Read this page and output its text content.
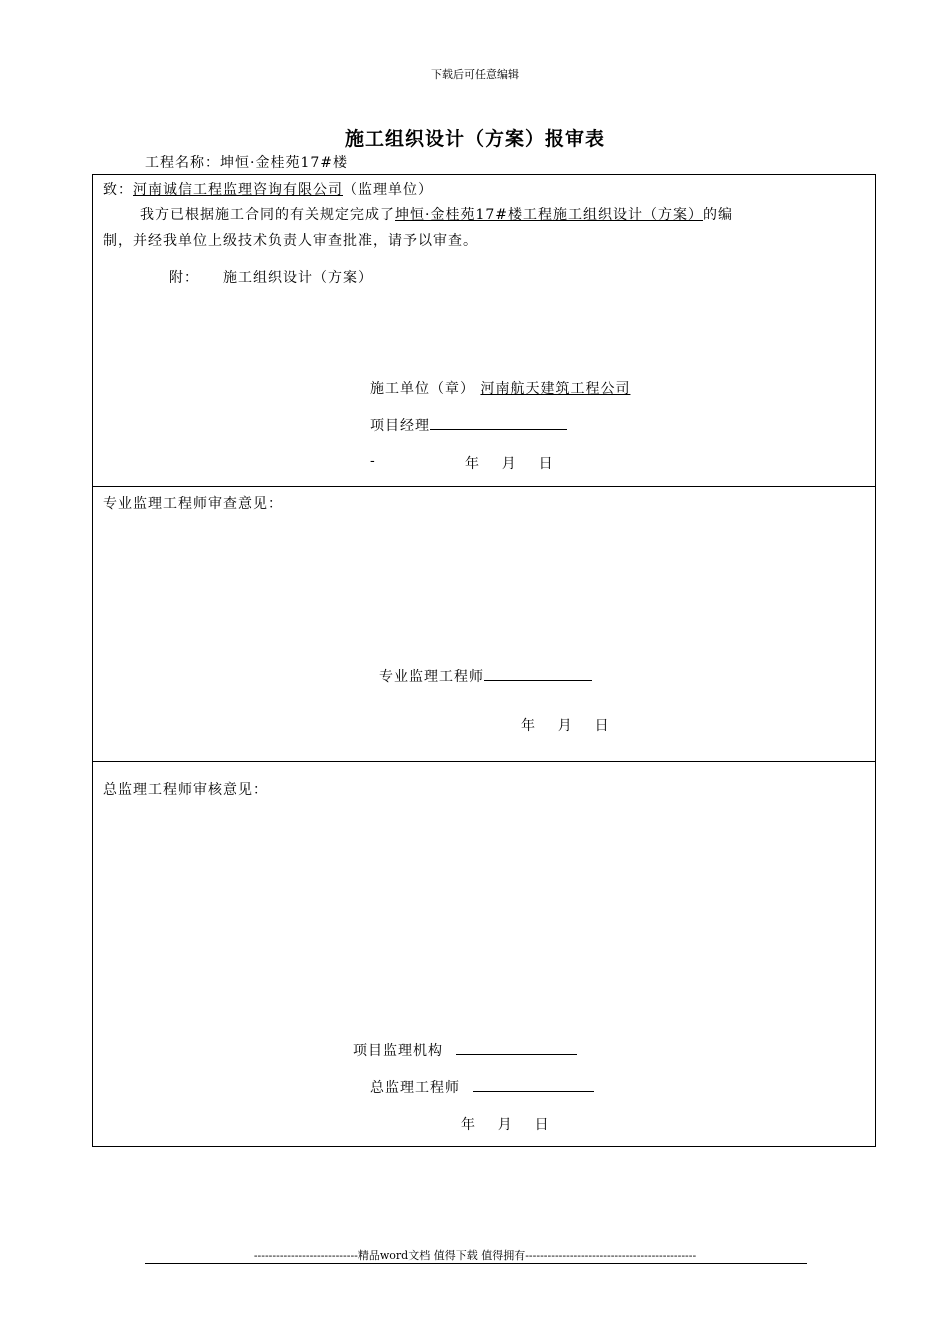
下载后可任意编辑
施工组织设计（方案）报审表
工程名称：坤恒·金桂苑17#楼
致：河南诚信工程监理咨询有限公司（监理单位）
我方已根据施工合同的有关规定完成了坤恒·金桂苑17#楼工程施工组织设计（方案）的编
制，并经我单位上级技术负责人审查批准，请予以审查。
附： 施工组织设计（方案）
施工单位（章） 河南航天建筑工程公司
项目经理
-	年    月    日
专业监理工程师审查意见：
专业监理工程师
年    月    日
总监理工程师审核意见：
项目监理机构
总监理工程师
年    月    日
----------------------------精品word文档 值得下载 值得拥有----------------------------------------------
